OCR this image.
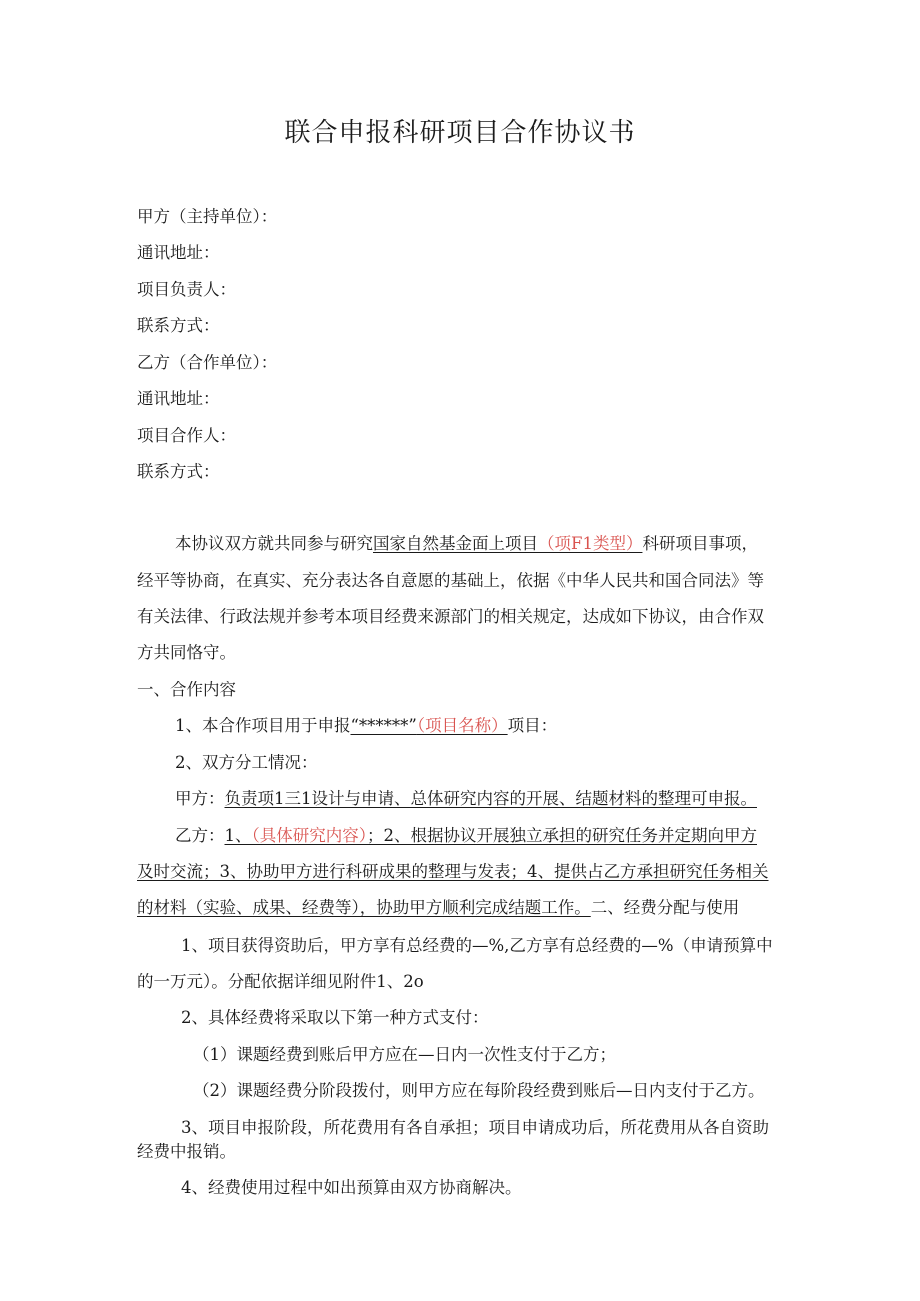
联合申报科研项目合作协议书
甲方（主持单位）：
通讯地址：
项目负责人：
联系方式：
乙方（合作单位）：
通讯地址：
项目合作人：
联系方式：
本协议双方就共同参与研究国家自然基金面上项目（项F1类型）科研项目事项，
经平等协商，在真实、充分表达各自意愿的基础上，依据《中华人民共和国合同法》等
有关法律、行政法规并参考本项目经费来源部门的相关规定，达成如下协议，由合作双
方共同恪守。
一、合作内容
1、本合作项目用于申报“******”（项目名称）项目：
2、双方分工情况：
甲方：负责项1三1设计与申请、总体研究内容的开展、结题材料的整理可申报。
乙方：1、（具体研究内容）；2、根据协议开展独立承担的研究任务并定期向甲方
及时交流；3、协助甲方进行科研成果的整理与发表；4、提供占乙方承担研究任务相关
的材料（实验、成果、经费等），协助甲方顺利完成结题工作。二、经费分配与使用
1、项目获得资助后，甲方享有总经费的—%,乙方享有总经费的—%（申请预算中
的一万元）。分配依据详细见附件1、2o
2、具体经费将采取以下第一种方式支付：
（1）课题经费到账后甲方应在—日内一次性支付于乙方；
（2）课题经费分阶段拨付，则甲方应在每阶段经费到账后—日内支付于乙方。
3、项目申报阶段，所花费用有各自承担；项目申请成功后，所花费用从各自资助
经费中报销。
4、经费使用过程中如出预算由双方协商解决。
